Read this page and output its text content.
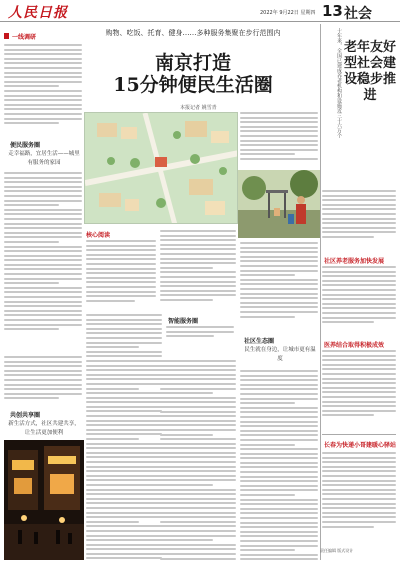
人民日报	2022年 9月22日 星期四 13 社会
一线调研
购物、吃饭、托育、健身……多种服务集聚在步行范围内
南京打造
15分钟便民生活圈
本报记者 姚雪青
便民服务圈
走幸福路，宜居生活——城里有服务的家园
共创共享圈
新生活方式，社区共建共享，让生活更加便利
核心阅读
智能服务圈
社区生态圈
民生就在身边，让城市更有温度
十年来，全国已建成养老机构和设施近三十六万个 老年友好型社会建设稳步推进
社区养老服务加快发展
医养结合取得积极成效
长春为快递小哥建暖心驿站
责任编辑 版式设计
